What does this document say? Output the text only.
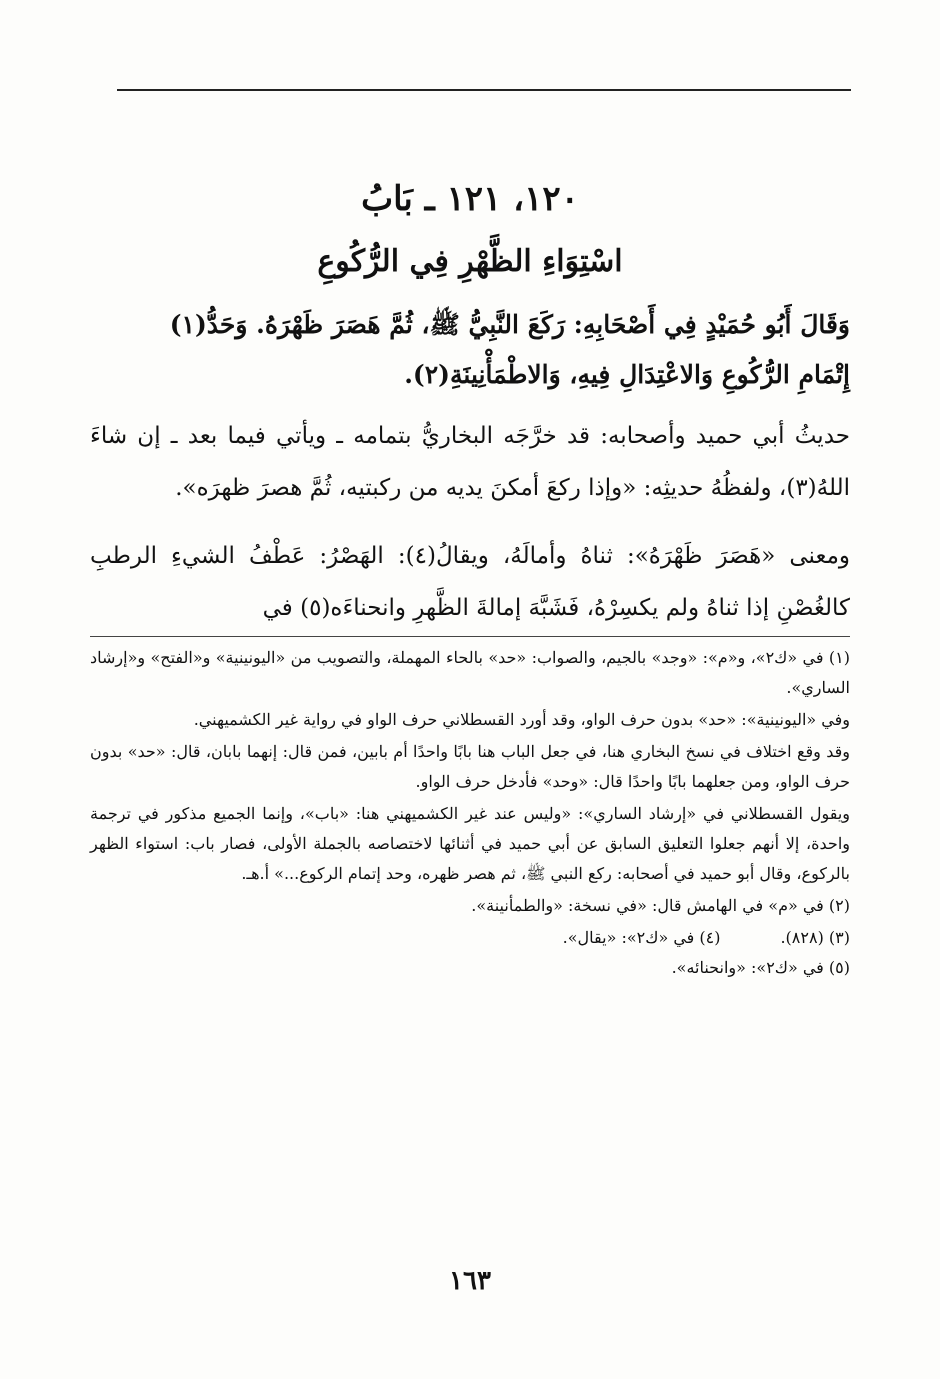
١٢٠، ١٢١ ـ بَابُ
اسْتِوَاءِ الظَّهْرِ فِي الرُّكُوعِ

وَقَالَ أَبُو حُمَيْدٍ فِي أَصْحَابِهِ: رَكَعَ النَّبِيُّ ﷺ، ثُمَّ هَصَرَ ظَهْرَهُ. وَحَدُّ(١)

إِتْمَامِ الرُّكُوعِ وَالاعْتِدَالِ فِيهِ، وَالاطْمَأْنِينَةِ(٢).

حديثُ أبي حميد وأصحابه: قد خرَّجَه البخاريُّ بتمامه ـ ويأتي فيما بعد ـ إن شاءَ اللهُ(٣)، ولفظُهُ حديثِه: «وإذا ركعَ أمكنَ يديه من ركبتيه، ثُمَّ هصرَ ظهرَه».

ومعنى «هَصَرَ ظَهْرَهُ»: ثناهُ وأمالَهُ، ويقالُ(٤): الهَصْرُ: عَطْفُ الشيءِ الرطبِ كالغُصْنِ إذا ثناهُ ولم يكسِرْهُ، فَشَبَّهَ إمالةَ الظَّهرِ وانحناءَه(٥) في

(١) في «ك٢»، و«م»: «وجد» بالجيم، والصواب: «حد» بالحاء المهملة، والتصويب من «اليونينية» و«الفتح» و«إرشاد الساري».

وفي «اليونينية»: «حد» بدون حرف الواو، وقد أورد القسطلاني حرف الواو في رواية غير الكشميهني.

وقد وقع اختلاف في نسخ البخاري هنا، في جعل الباب هنا بابًا واحدًا أم بابين، فمن قال: إنهما بابان، قال: «حد» بدون حرف الواو، ومن جعلهما بابًا واحدًا قال: «وحد» فأدخل حرف الواو.

ويقول القسطلاني في «إرشاد الساري»: «وليس عند غير الكشميهني هنا: «باب»، وإنما الجميع مذكور في ترجمة واحدة، إلا أنهم جعلوا التعليق السابق عن أبي حميد في أثنائها لاختصاصه بالجملة الأولى، فصار باب: استواء الظهر بالركوع، وقال أبو حميد في أصحابه: ركع النبي ﷺ، ثم هصر ظهره، وحد إتمام الركوع...» أ.هـ.

(٢) في «م» في الهامش قال: «في نسخة: «والطمأنينة».

(٣) (٨٢٨).
(٤) في «ك٢»: «يقال».

(٥) في «ك٢»: «وانحنائه».

١٦٣
